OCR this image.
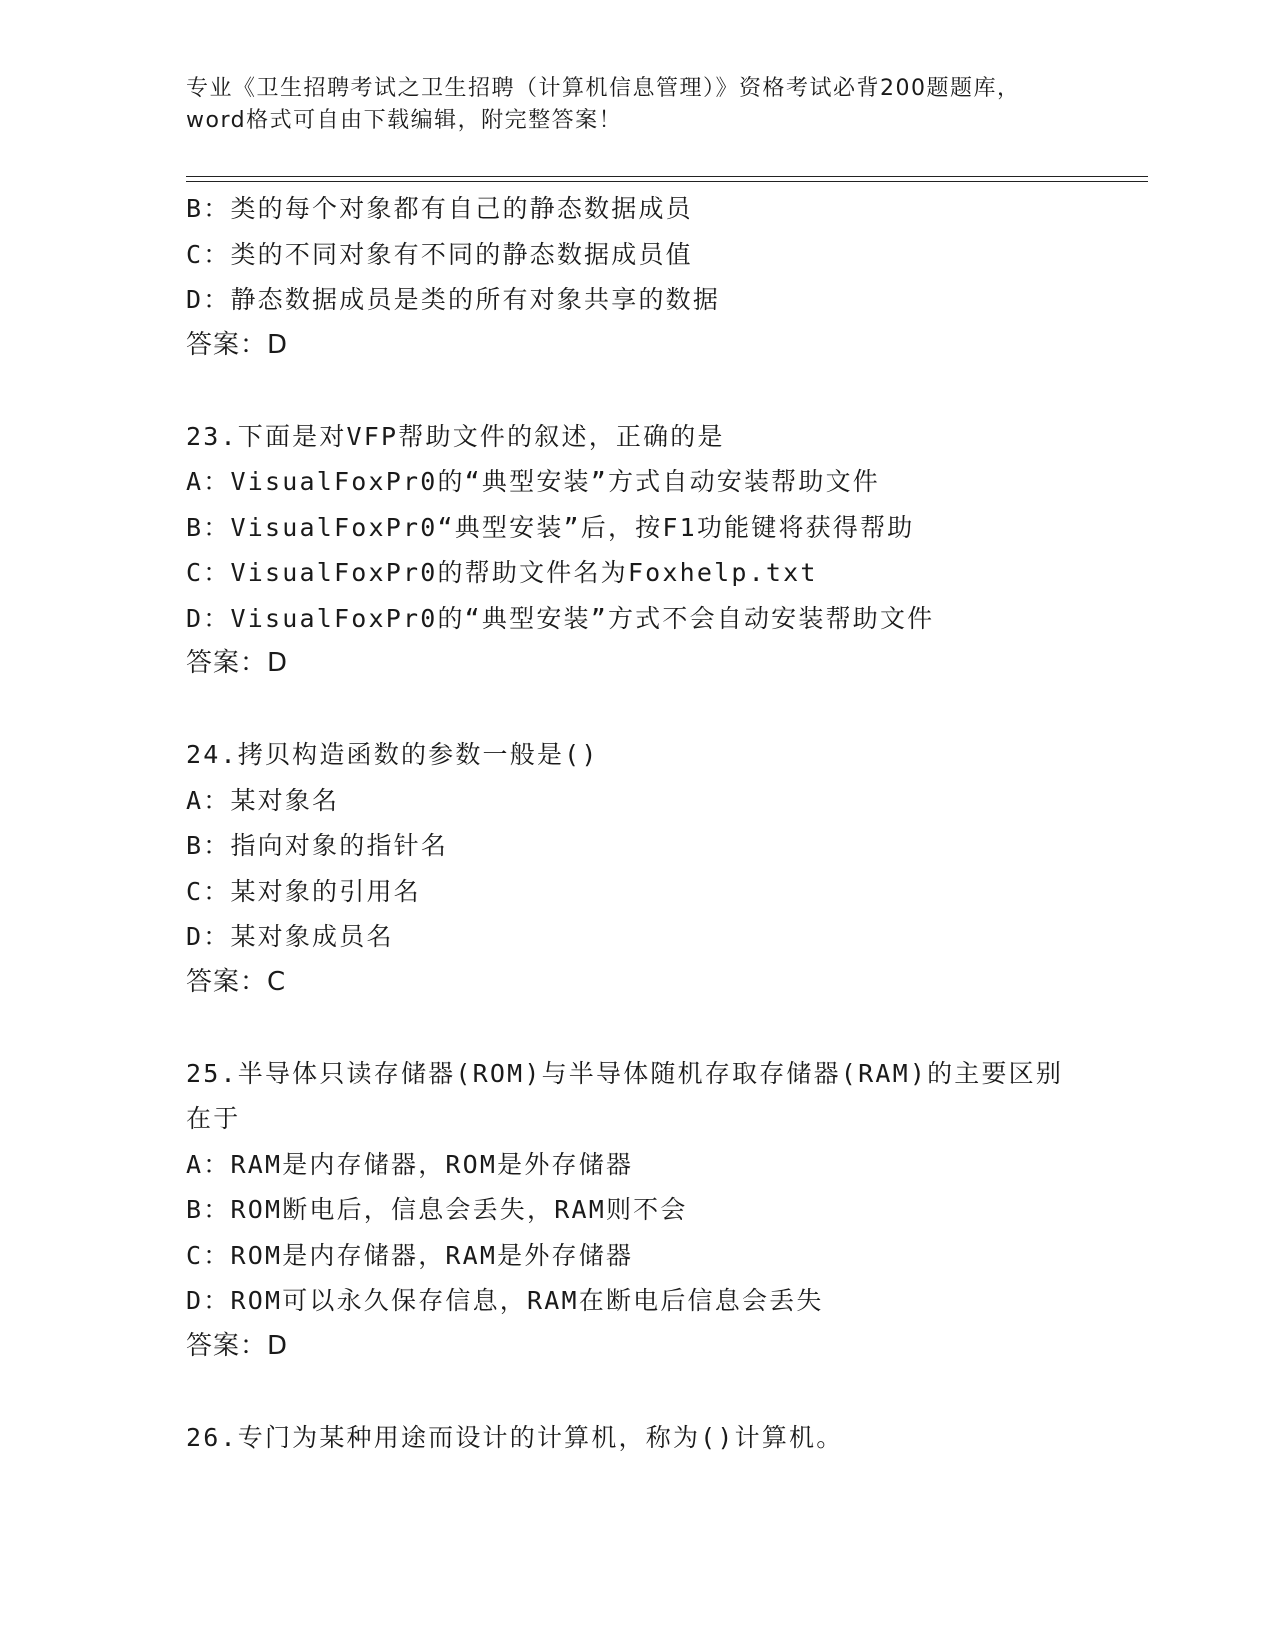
专业《卫生招聘考试之卫生招聘（计算机信息管理）》资格考试必背200题题库，
word格式可自由下载编辑，附完整答案！
B：类的每个对象都有自己的静态数据成员
C：类的不同对象有不同的静态数据成员值
D：静态数据成员是类的所有对象共享的数据
答案：D
23.下面是对VFP帮助文件的叙述，正确的是
A：VisualFoxPr0的“典型安装”方式自动安装帮助文件
B：VisualFoxPr0“典型安装”后，按F1功能键将获得帮助
C：VisualFoxPr0的帮助文件名为Foxhelp.txt
D：VisualFoxPr0的“典型安装”方式不会自动安装帮助文件
答案：D
24.拷贝构造函数的参数一般是()
A：某对象名
B：指向对象的指针名
C：某对象的引用名
D：某对象成员名
答案：C
25.半导体只读存储器(ROM)与半导体随机存取存储器(RAM)的主要区别
在于
A：RAM是内存储器，ROM是外存储器
B：ROM断电后，信息会丢失，RAM则不会
C：ROM是内存储器，RAM是外存储器
D：ROM可以永久保存信息，RAM在断电后信息会丢失
答案：D
26.专门为某种用途而设计的计算机，称为()计算机。
